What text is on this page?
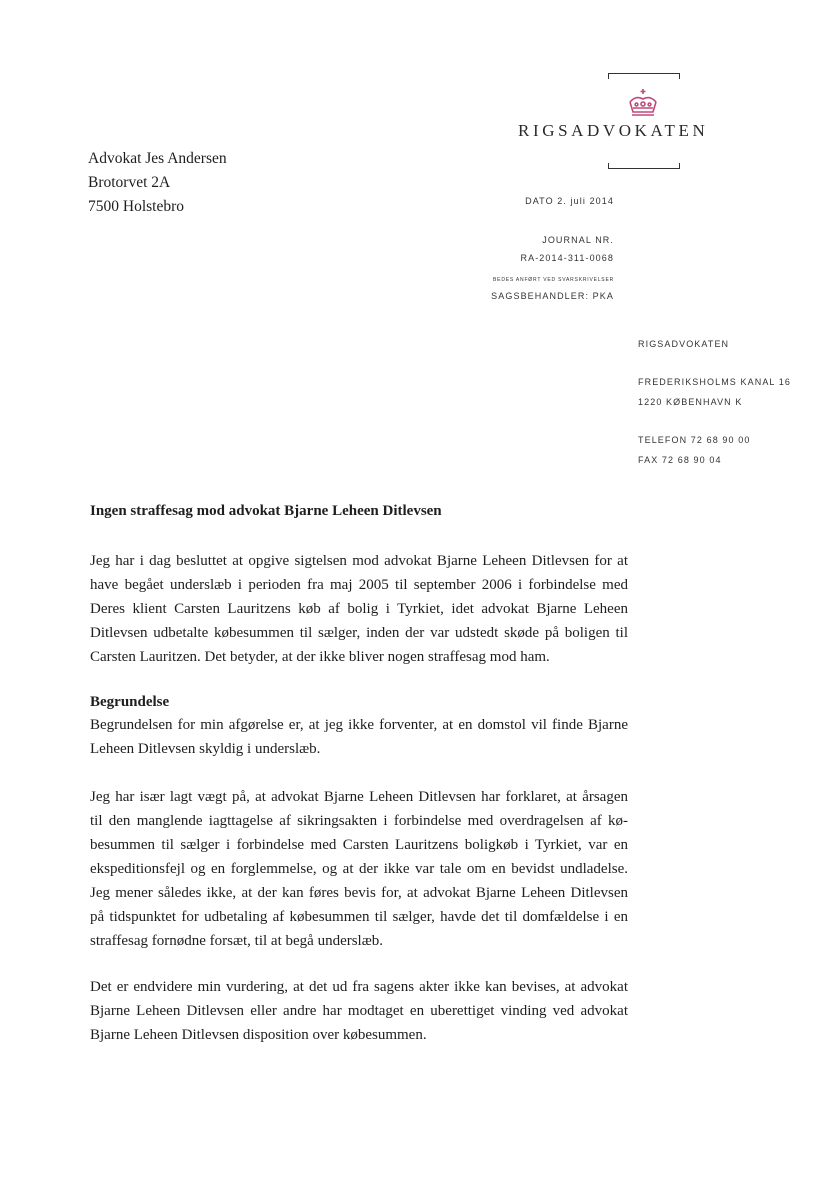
RIGSADVOKATEN
Advokat Jes Andersen
Brotorvet 2A
7500 Holstebro	DATO 2. juli 2014
JOURNAL NR.
RA-2014-311-0068
BEDES ANFØRT VED SVARSKRIVELSER
SAGSBEHANDLER: PKA
RIGSADVOKATEN
FREDERIKSHOLMS KANAL 16
1220 KØBENHAVN K
TELEFON 72 68 90 00
FAX 72 68 90 04
Ingen straffesag mod advokat Bjarne Leheen Ditlevsen
Jeg har i dag besluttet at opgive sigtelsen mod advokat Bjarne Leheen Ditlevsen for at
have begået underslæb i perioden fra maj 2005 til september 2006 i forbindelse med
Deres klient Carsten Lauritzens køb af bolig i Tyrkiet, idet advokat Bjarne Leheen
Ditlevsen udbetalte købesummen til sælger, inden der var udstedt skøde på boligen til
Carsten Lauritzen. Det betyder, at der ikke bliver nogen straffesag mod ham.
Begrundelse
Begrundelsen for min afgørelse er, at jeg ikke forventer, at en domstol vil finde Bjarne
Leheen Ditlevsen skyldig i underslæb.
Jeg har især lagt vægt på, at advokat Bjarne Leheen Ditlevsen har forklaret, at årsagen
til den manglende iagttagelse af sikringsakten i forbindelse med overdragelsen af kø-
besummen til sælger i forbindelse med Carsten Lauritzens boligkøb i Tyrkiet, var en
ekspeditionsfejl og en forglemmelse, og at der ikke var tale om en bevidst undladelse.
Jeg mener således ikke, at der kan føres bevis for, at advokat Bjarne Leheen Ditlevsen
på tidspunktet for udbetaling af købesummen til sælger, havde det til domfældelse i en
straffesag fornødne forsæt, til at begå underslæb.
Det er endvidere min vurdering, at det ud fra sagens akter ikke kan bevises, at advokat
Bjarne Leheen Ditlevsen eller andre har modtaget en uberettiget vinding ved advokat
Bjarne Leheen Ditlevsen disposition over købesummen.
